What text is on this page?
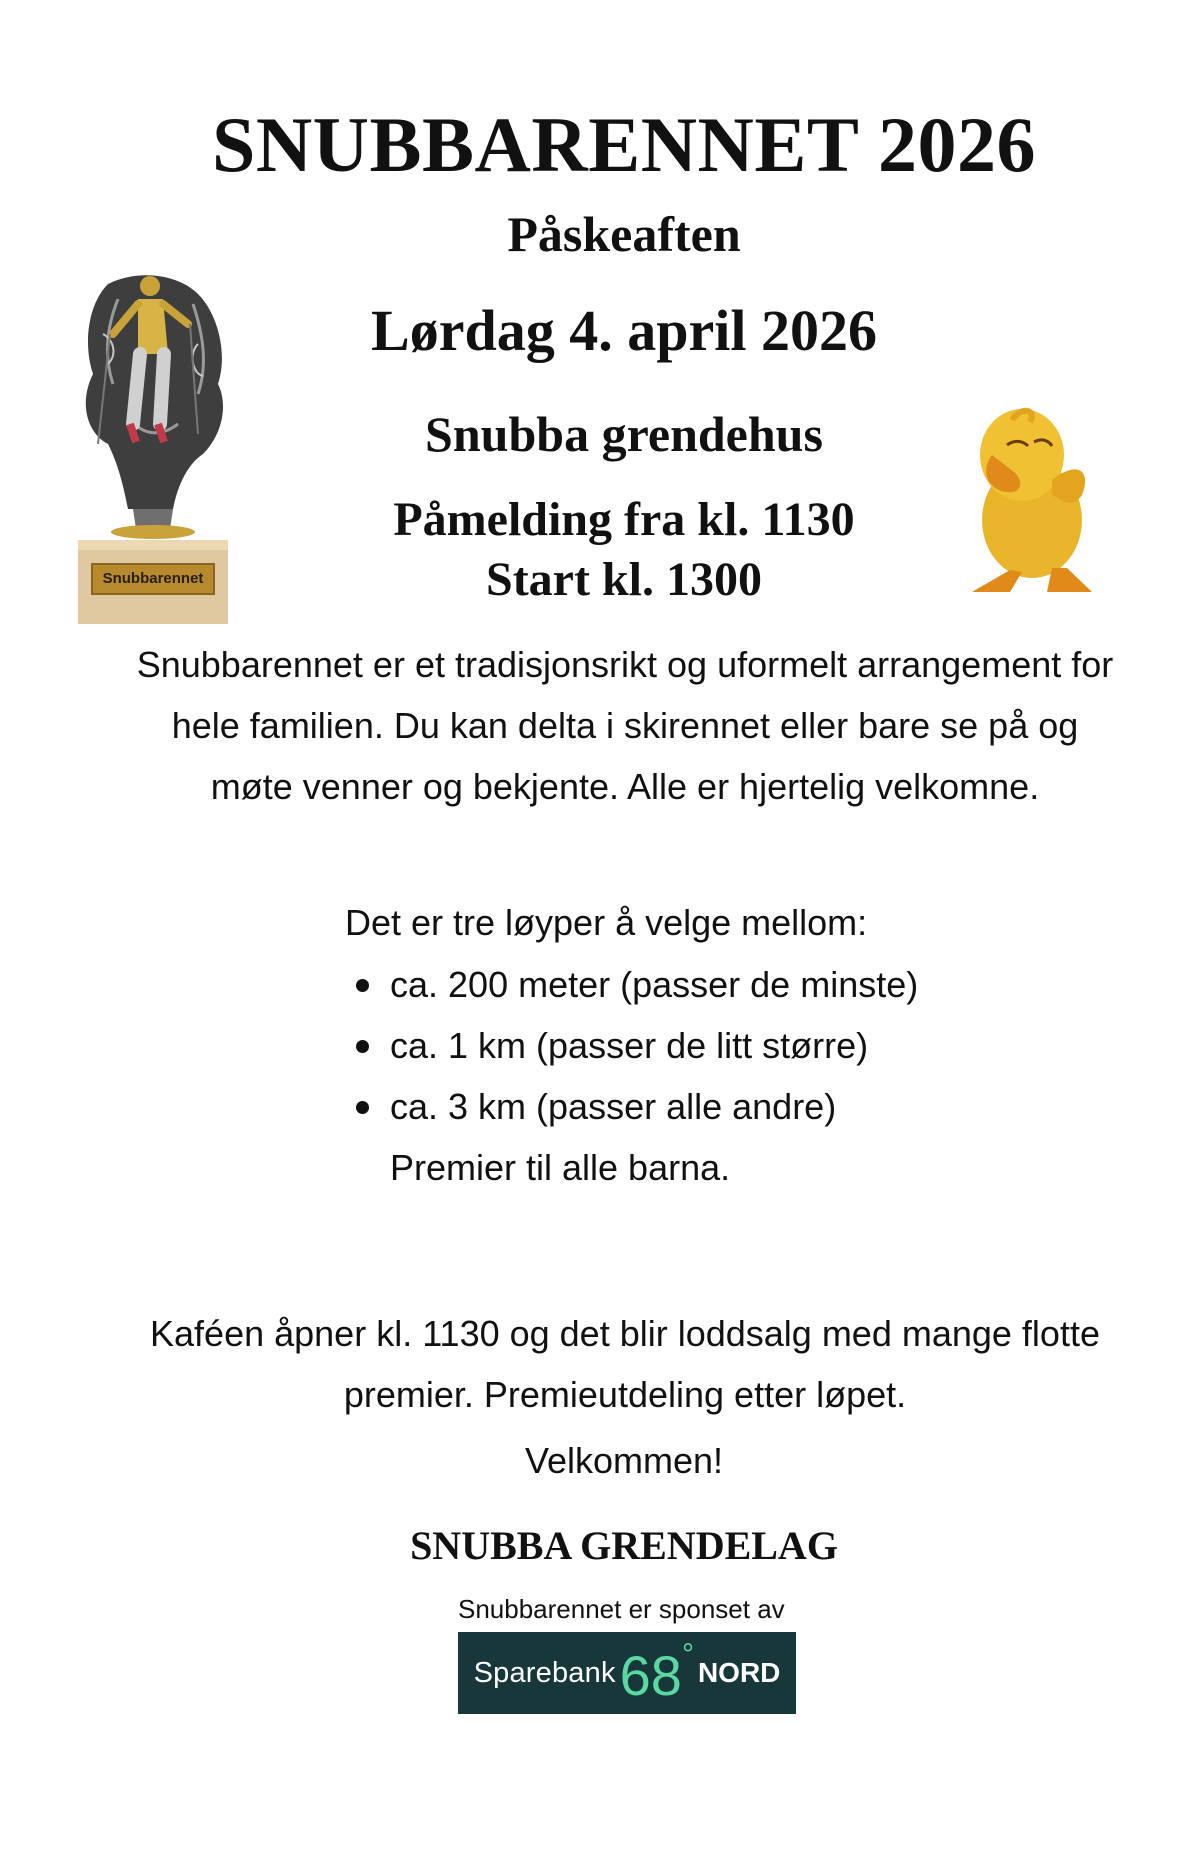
SNUBBARENNET 2026
Påskeaften
Lørdag 4. april 2026
Snubba grendehus
Påmelding fra kl. 1130
Start kl. 1300
Snubbarennet
Snubbarennet er et tradisjonsrikt og uformelt arrangement for hele familien. Du kan delta i skirennet eller bare se på og møte venner og bekjente. Alle er hjertelig velkomne.
Det er tre løyper å velge mellom:
ca. 200 meter (passer de minste)
ca. 1 km (passer de litt større)
ca. 3 km (passer alle andre)
Premier til alle barna.
Kaféen åpner kl. 1130 og det blir loddsalg med mange flotte premier. Premieutdeling etter løpet.
Velkommen!
SNUBBA GRENDELAG
Snubbarennet er sponset av
Sparebank 68 °
NORD
